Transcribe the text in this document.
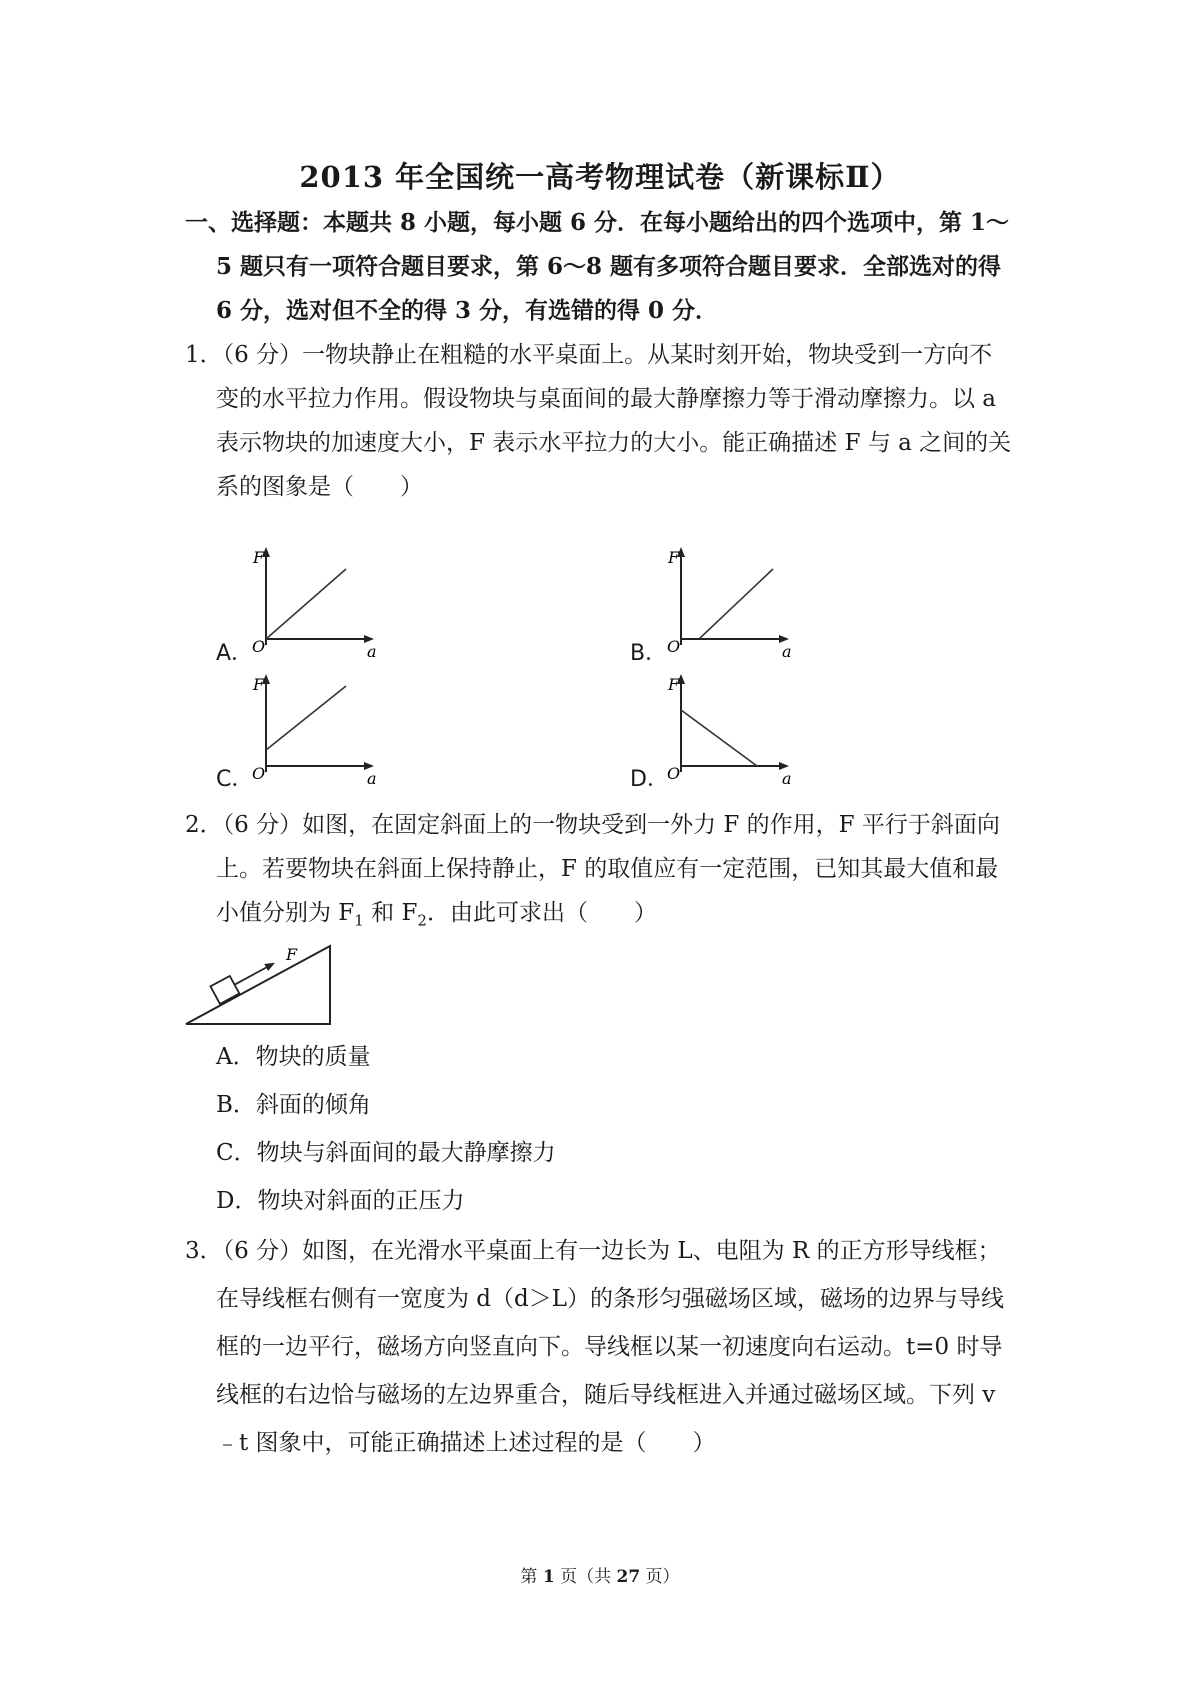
2013 年全国统一高考物理试卷（新课标Ⅱ）
一、选择题：本题共 8 小题，每小题 6 分．在每小题给出的四个选项中，第 1～
5 题只有一项符合题目要求，第 6～8 题有多项符合题目要求．全部选对的得
6 分，选对但不全的得 3 分，有选错的得 0 分．
1．（6 分）一物块静止在粗糙的水平桌面上。从某时刻开始，物块受到一方向不
变的水平拉力作用。假设物块与桌面间的最大静摩擦力等于滑动摩擦力。以 a
表示物块的加速度大小，F 表示水平拉力的大小。能正确描述 F 与 a 之间的关
系的图象是（　　）
A．	B．
C．	D．
F
O	a
F
O	a
F
O	a
F
O	a
2．（6 分）如图，在固定斜面上的一物块受到一外力 F 的作用，F 平行于斜面向
上。若要物块在斜面上保持静止，F 的取值应有一定范围，已知其最大值和最
小值分别为 $F_1$ 和 $F_2$．由此可求出（　　）
F
A．物块的质量
B．斜面的倾角
C．物块与斜面间的最大静摩擦力
D．物块对斜面的正压力
3．（6 分）如图，在光滑水平桌面上有一边长为 L、电阻为 R 的正方形导线框；
在导线框右侧有一宽度为 d（d＞L）的条形匀强磁场区域，磁场的边界与导线
框的一边平行，磁场方向竖直向下。导线框以某一初速度向右运动。t=0 时导
线框的右边恰与磁场的左边界重合，随后导线框进入并通过磁场区域。下列 v
﹣t 图象中，可能正确描述上述过程的是（　　）
第 1 页（共 27 页）
